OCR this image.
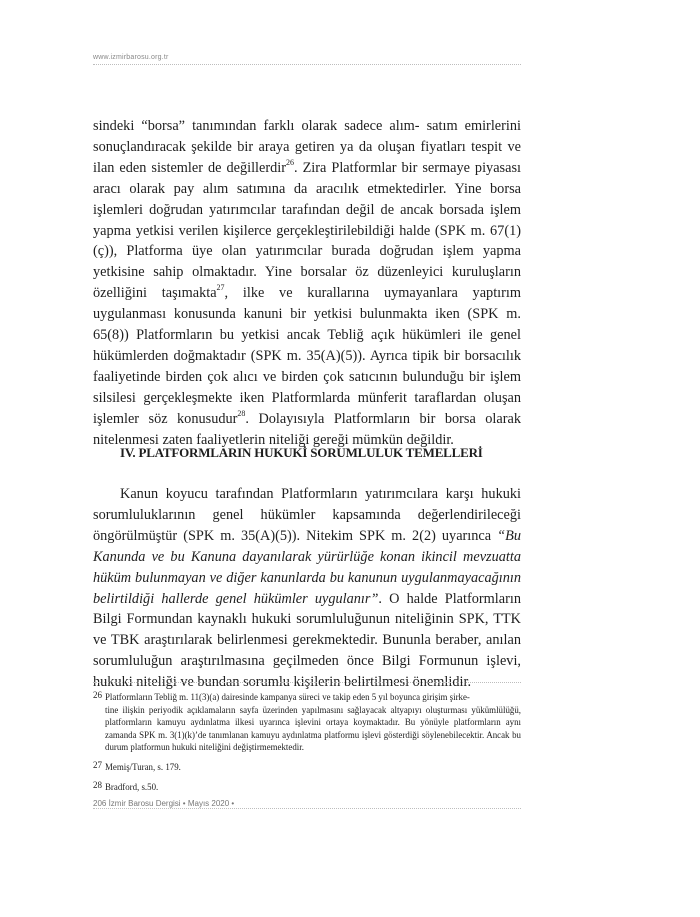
www.izmirbarosu.org.tr

sindeki “borsa” tanımından farklı olarak sadece alım- satım emirlerini sonuçlandıracak şekilde bir araya getiren ya da oluşan fiyatları tespit ve ilan eden sistemler de değillerdir$^{26}$. Zira Platformlar bir sermaye piyasası aracı olarak pay alım satımına da aracılık etmektedirler. Yine borsa işlemleri doğrudan yatırımcılar tarafından değil de ancak borsada işlem yapma yetkisi verilen kişilerce gerçekleştirilebildiği halde (SPK m. 67(1)(ç)), Platforma üye olan yatırımcılar burada doğrudan işlem yapma yetkisine sahip olmaktadır. Yine borsalar öz düzenleyici kuruluşların özelliğini taşımakta$^{27}$, ilke ve kurallarına uymayanlara yaptırım uygulanması konusunda kanuni bir yetkisi bulunmakta iken (SPK m. 65(8)) Platformların bu yetkisi ancak Tebliğ açık hükümleri ile genel hükümlerden doğmaktadır (SPK m. 35(A)(5)). Ayrıca tipik bir borsacılık faaliyetinde birden çok alıcı ve birden çok satıcının bulunduğu bir işlem silsilesi gerçekleşmekte iken Platformlarda münferit taraflardan oluşan işlemler söz konusudur$^{28}$. Dolayısıyla Platformların bir borsa olarak nitelenmesi zaten faaliyetlerin niteliği gereği mümkün değildir.

IV. PLATFORMLARIN HUKUKİ SORUMLULUK TEMELLERİ

Kanun koyucu tarafından Platformların yatırımcılara karşı hukuki sorumluluklarının genel hükümler kapsamında değerlendirileceği öngörülmüştür (SPK m. 35(A)(5)). Nitekim SPK m. 2(2) uyarınca “Bu Kanunda ve bu Kanuna dayanılarak yürürlüğe konan ikincil mevzuatta hüküm bulunmayan ve diğer kanunlarda bu kanunun uygulanmayacağının belirtildiği hallerde genel hükümler uygulanır”. O halde Platformların Bilgi Formundan kaynaklı hukuki sorumluluğunun niteliğinin SPK, TTK ve TBK araştırılarak belirlenmesi gerekmektedir. Bununla beraber, anılan sorumluluğun araştırılmasına geçilmeden önce Bilgi Formunun işlevi, hukuki niteliği ve bundan sorumlu kişilerin belirtilmesi önemlidir.

26 Platformların Tebliğ m. 11(3)(a) dairesinde kampanya süreci ve takip eden 5 yıl boyunca girişim şirke-
tine ilişkin periyodik açıklamaların sayfa üzerinden yapılmasını sağlayacak altyapıyı oluşturması yükümlülüğü, platformların kamuyu aydınlatma ilkesi uyarınca işlevini ortaya koymaktadır. Bu yönüyle platformların aynı zamanda SPK m. 3(1)(k)’de tanımlanan kamuyu aydınlatma platformu işlevi gösterdiği söylenebilecektir. Ancak bu durum platformun hukuki niteliğini değiştirmemektedir.
27 Memiş/Turan, s. 179.
28 Bradford, s.50.
206 İzmir Barosu Dergisi • Mayıs 2020 •
